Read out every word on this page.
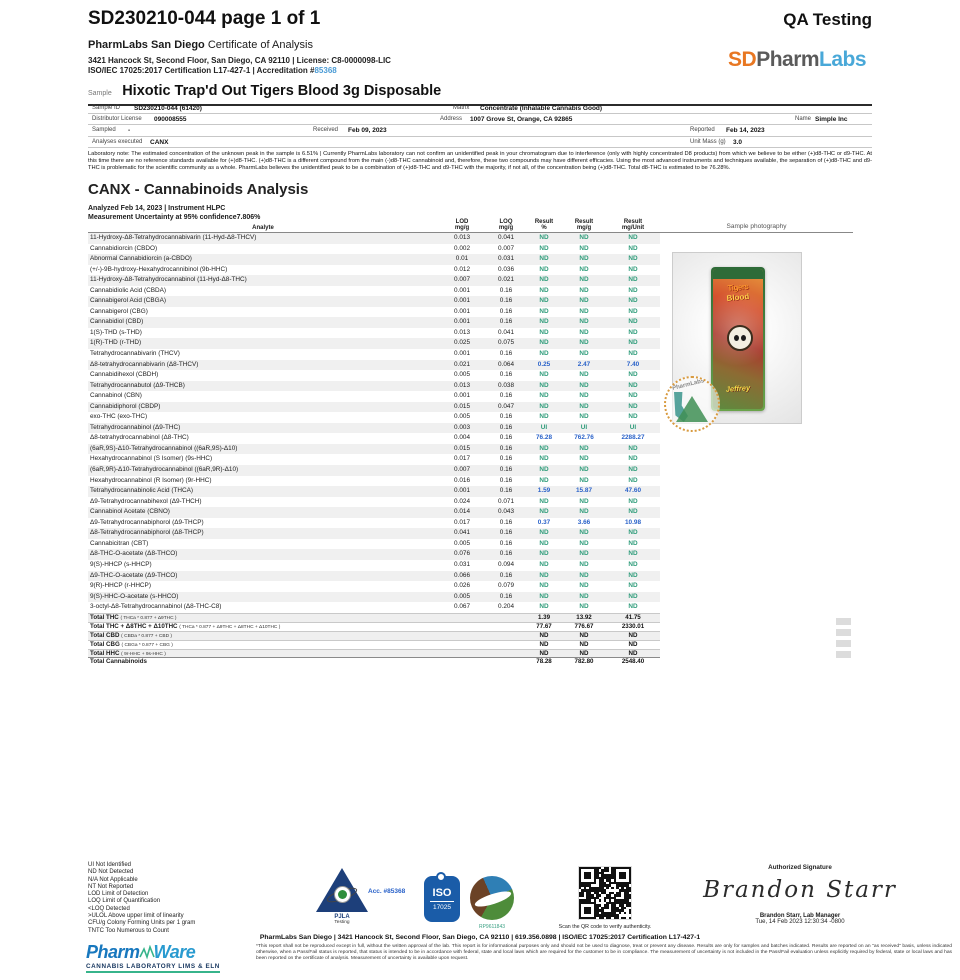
SD230210-044 page 1 of 1	QA Testing
PharmLabs San Diego Certificate of Analysis
3421 Hancock St, Second Floor, San Diego, CA 92110 | License: C8-0000098-LIC
ISO/IEC 17025:2017 Certification L17-427-1 | Accreditation #85368	SDPharmLabs
Sample Hixotic Trap'd Out Tigers Blood 3g Disposable
Sample ID SD230210-044 (61420)	Matrix Concentrate (Inhalable Cannabis Good)
Distributor License 090008555	Address 1007 Grove St, Orange, CA 92865	Name Simple Inc
Sampled -	Received Feb 09, 2023	Reported Feb 14, 2023
Analyses executed CANX	Unit Mass (g) 3.0
Laboratory note: The estimated concentration of the unknown peak in the sample is 6.51% | Currently PharmLabs laboratory can not confirm an unidentified peak in your chromatogram due to interference (only with highly concentrated D8 products) from which we believe to be either (+)d8-THC or d9-THC. At this time there are no reference standards available for (+)d8-THC. (+)d8-THC is a different compound from the main (-)d8-THC cannabinoid and, therefore, these two compounds may have different efficacies. Using the most advanced instruments and techniques available, the separation of (+)d8-THC and d9-THC is problematic for the scientific community as a whole. PharmLabs believes the unidentified peak to be a combination of (+)d8-THC and d9-THC with the majority, if not all, of the concentration being (+)d8-THC. Total d8-THC is estimated to be 76.28%.
CANX - Cannabinoids Analysis
Analyzed Feb 14, 2023 | Instrument HLPC
Measurement Uncertainty at 95% confidence7.806%
Analyte
LOD
mg/g
LOQ
mg/g
Result
%
Result
mg/g
Result
mg/Unit	Sample photography
11-Hydroxy-Δ8-Tetrahydrocannabivarin (11-Hyd-Δ8-THCV)	0.013	0.041	ND	ND	ND
Cannabidiorcin (CBDO)	0.002	0.007	ND	ND	ND
Abnormal Cannabidiorcin (a-CBDO)	0.01	0.031	ND	ND	ND
(+/-)-9B-hydroxy-Hexahydrocannibinol (9b-HHC)	0.012	0.036	ND	ND	ND
11-Hydroxy-Δ8-Tetrahydrocannabinol (11-Hyd-Δ8-THC)	0.007	0.021	ND	ND	ND
Cannabidiolic Acid (CBDA)	0.001	0.16	ND	ND	ND
Cannabigerol Acid (CBGA)	0.001	0.16	ND	ND	ND
Cannabigerol (CBG)	0.001	0.16	ND	ND	ND
Cannabidiol (CBD)	0.001	0.16	ND	ND	ND
1(S)-THD (s-THD)	0.013	0.041	ND	ND	ND
1(R)-THD (r-THD)	0.025	0.075	ND	ND	ND
Tetrahydrocannabivarin (THCV)	0.001	0.16	ND	ND	ND
Δ8-tetrahydrocannabivarin (Δ8-THCV)	0.021	0.064	0.25	2.47	7.40
Cannabidihexol (CBDH)	0.005	0.16	ND	ND	ND
Tetrahydrocannabutol (Δ9-THCB)	0.013	0.038	ND	ND	ND
Cannabinol (CBN)	0.001	0.16	ND	ND	ND
Cannabidiphorol (CBDP)	0.015	0.047	ND	ND	ND
exo-THC (exo-THC)	0.005	0.16	ND	ND	ND
Tetrahydrocannabinol (Δ9-THC)	0.003	0.16	UI	UI	UI
Δ8-tetrahydrocannabinol (Δ8-THC)	0.004	0.16	76.28	762.76	2288.27
(6aR,9S)-Δ10-Tetrahydrocannabinol ((6aR,9S)-Δ10)	0.015	0.16	ND	ND	ND
Hexahydrocannabinol (S Isomer) (9s-HHC)	0.017	0.16	ND	ND	ND
(6aR,9R)-Δ10-Tetrahydrocannabinol ((6aR,9R)-Δ10)	0.007	0.16	ND	ND	ND
Hexahydrocannabinol (R Isomer) (9r-HHC)	0.016	0.16	ND	ND	ND
Tetrahydrocannabinolic Acid (THCA)	0.001	0.16	1.59	15.87	47.60
Δ9-Tetrahydrocannabihexol (Δ9-THCH)	0.024	0.071	ND	ND	ND
Cannabinol Acetate (CBNO)	0.014	0.043	ND	ND	ND
Δ9-Tetrahydrocannabiphorol (Δ9-THCP)	0.017	0.16	0.37	3.66	10.98
Δ8-Tetrahydrocannabiphorol (Δ8-THCP)	0.041	0.16	ND	ND	ND
Cannabicitran (CBT)	0.005	0.16	ND	ND	ND
Δ8-THC-O-acetate (Δ8-THCO)	0.076	0.16	ND	ND	ND
9(S)-HHCP (s-HHCP)	0.031	0.094	ND	ND	ND
Δ9-THC-O-acetate (Δ9-THCO)	0.066	0.16	ND	ND	ND
9(R)-HHCP (r-HHCP)	0.026	0.079	ND	ND	ND
9(S)-HHC-O-acetate (s-HHCO)	0.005	0.16	ND	ND	ND
3-octyl-Δ8-Tetrahydrocannabinol (Δ8-THC-C8)	0.067	0.204	ND	ND	ND
Total THC ( THCa * 0.877 + Δ9THC )	1.39	13.92	41.75
Total THC + Δ8THC + Δ10THC ( THCa * 0.877 + Δ9THC + Δ8THC + Δ10THC )	77.67	776.67	2330.01
Total CBD ( CBDa * 0.877 + CBD )	ND	ND	ND
Total CBG ( CBGa * 0.877 + CBG )	ND	ND	ND
Total HHC ( 9r-HHC + 9s-HHC )	ND	ND	ND
Total Cannabinoids	78.28	782.80	2548.40
Tigers
Blood
Jeffrey
PharmLabs
UI Not Identified
ND Not Detected
N/A Not Applicable
NT Not Reported
LOD Limit of Detection
LOQ Limit of Quantification
<LOQ Detected
>ULOL Above upper limit of linearity
CFU/g Colony Forming Units per 1 gram
TNTC Too Numerous to Count
PJLA
Testing
Acc. #85368	ISO
17025
RP9611843	Scan the QR code to verify authenticity.
Authorized Signature
Brandon Starr
Brandon Starr, Lab Manager
Tue, 14 Feb 2023 12:30:34 -0800
PharmLabs San Diego | 3421 Hancock St, Second Floor, San Diego, CA 92110 | 619.356.0898 | ISO/IEC 17025:2017 Certification L17-427-1
*This report shall not be reproduced except in full, without the written approval of the lab. This report is for informational purposes only and should not be used to diagnose, treat or prevent any disease. Results are only for samples and batches indicated. Results are reported on an "as received" basis, unless indicated otherwise, when a Pass/Fail status is reported, that status is intended to be in accordance with federal, state and local laws which are required for the customer to be in compliance. The measurement of uncertainty is not included in the Pass/Fail evaluation unless explicitly required by federal, state or local laws and has been reported on the certificate of analysis. Measurement of uncertainty is available upon request.
Pharm Ware
CANNABIS LABORATORY LIMS & ELN
